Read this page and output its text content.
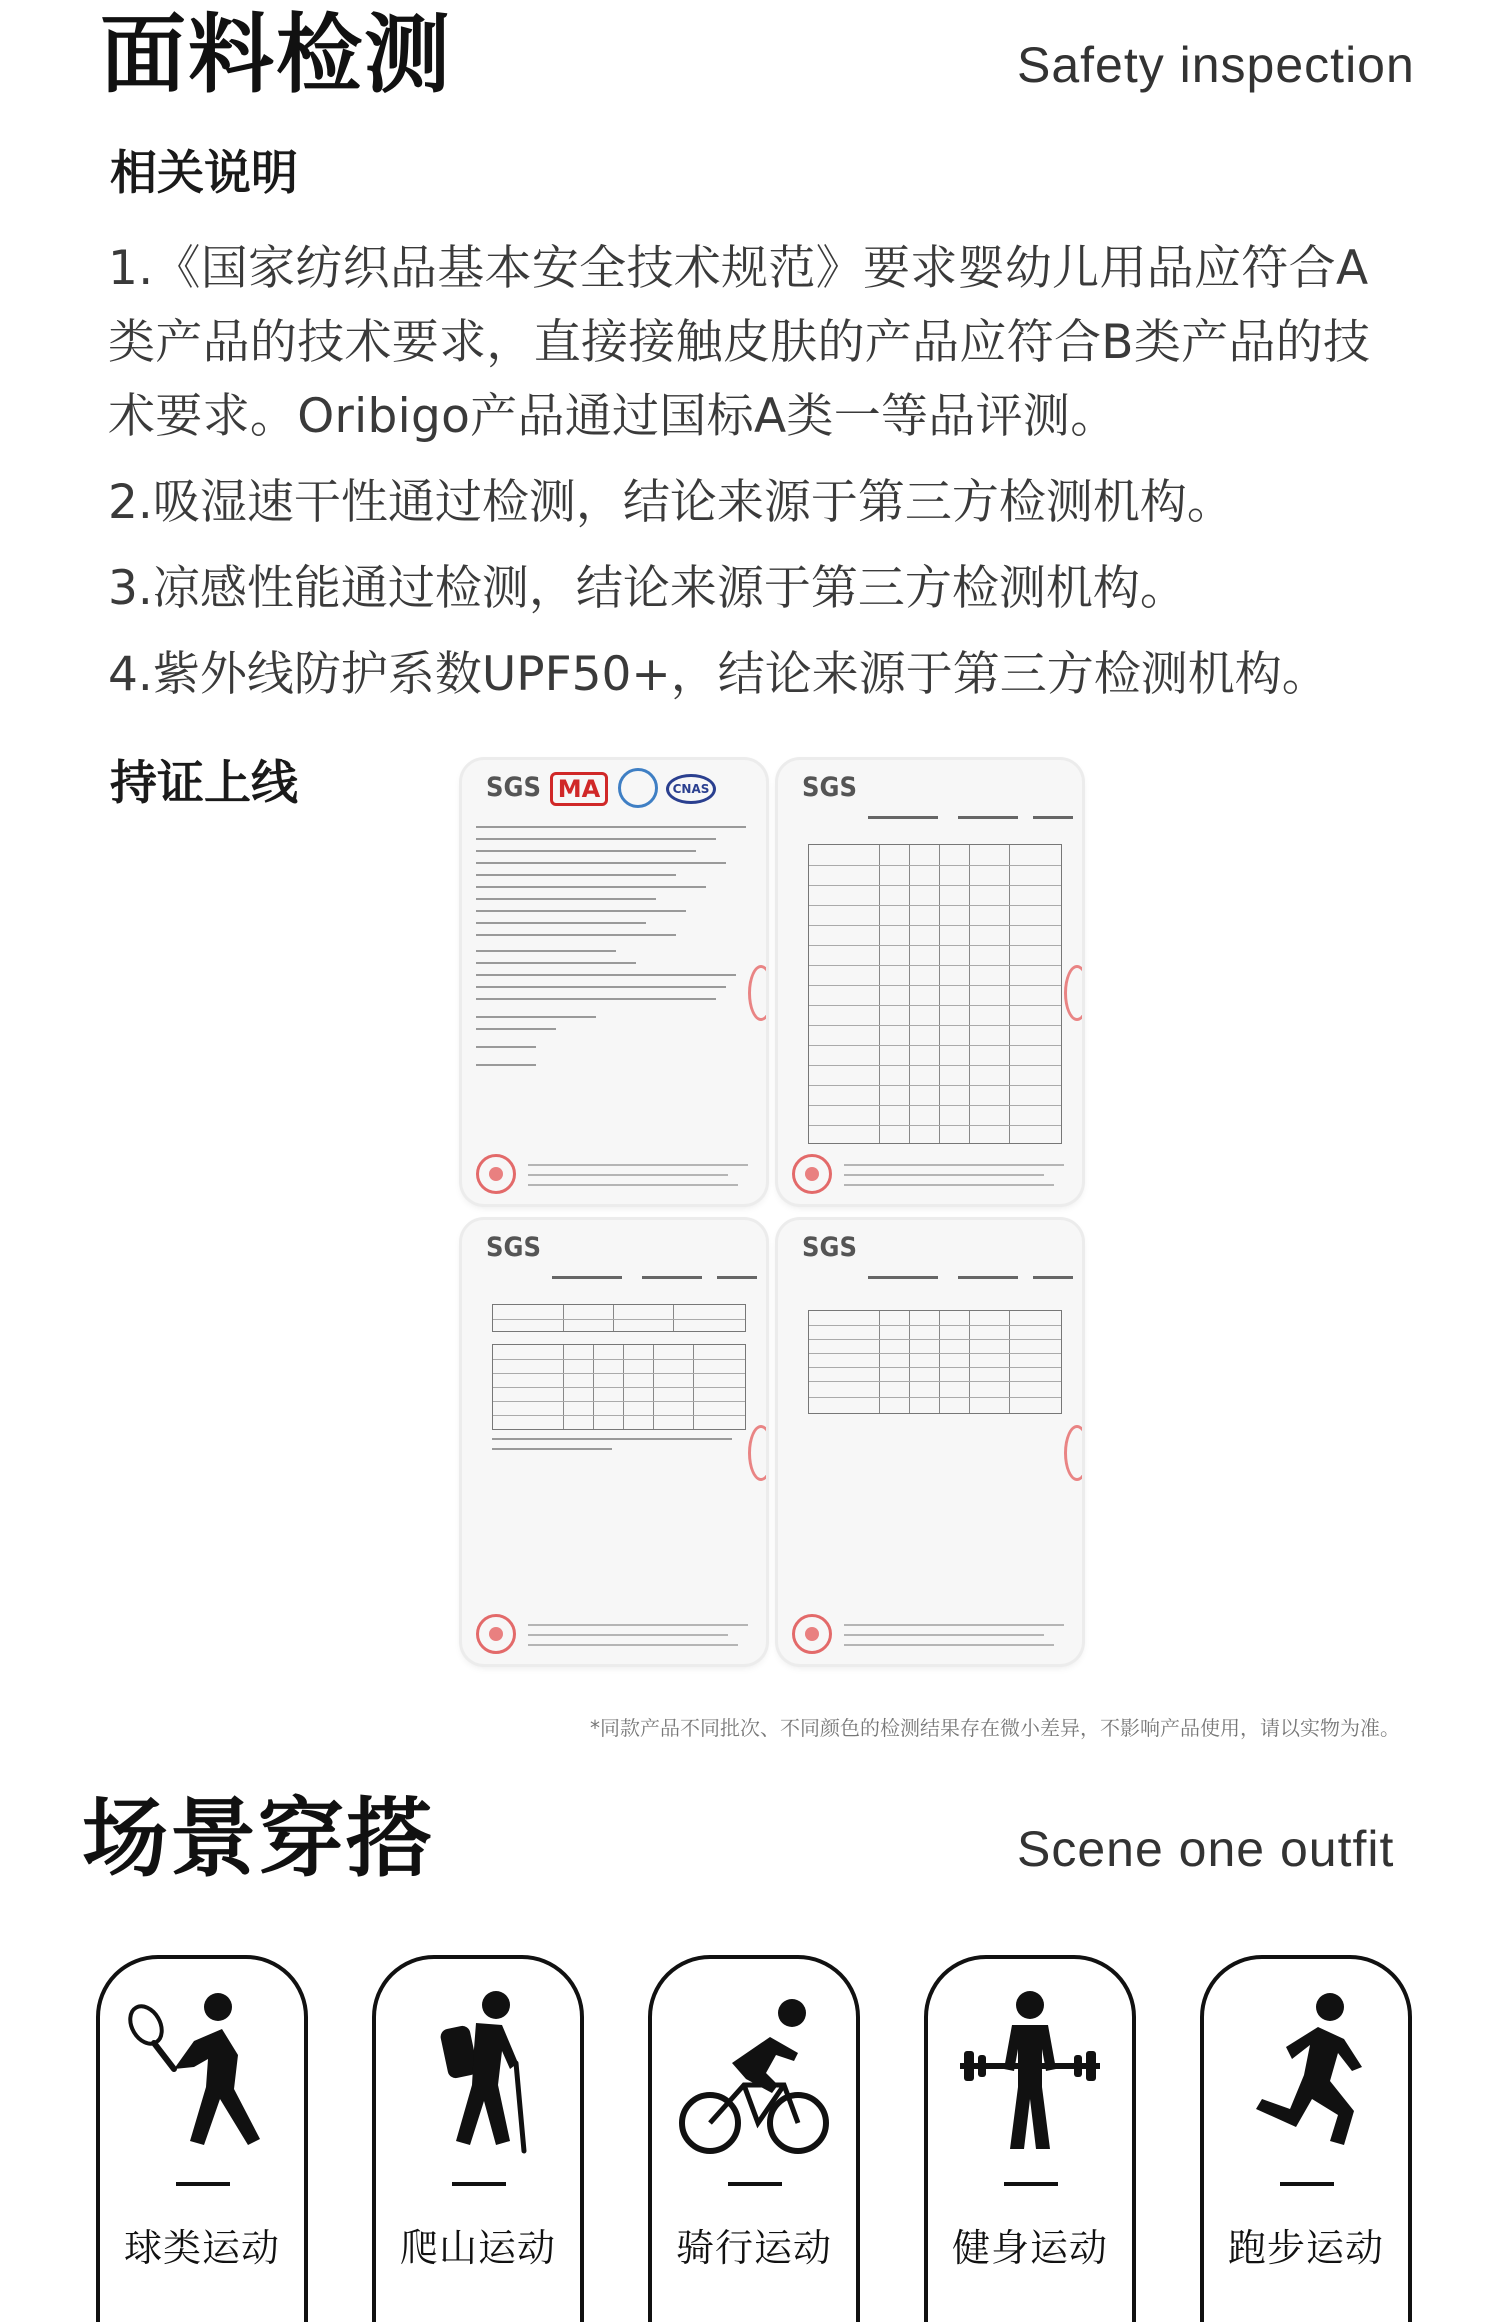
面料检测	Safety inspection
相关说明

1.《国家纺织品基本安全技术规范》要求婴幼儿用品应符合A类产品的技术要求，直接接触皮肤的产品应符合B类产品的技术要求。Oribigo产品通过国标A类一等品评测。

2.吸湿速干性通过检测，结论来源于第三方检测机构。

3.凉感性能通过检测，结论来源于第三方检测机构。

4.紫外线防护系数UPF50+，结论来源于第三方检测机构。

持证上线	SGS MA	CNAS	SGS
SGS	SGS
*同款产品不同批次、不同颜色的检测结果存在微小差异，不影响产品使用，请以实物为准。
场景穿搭	Scene one outfit
球类运动	爬山运动	骑行运动	健身运动	跑步运动
